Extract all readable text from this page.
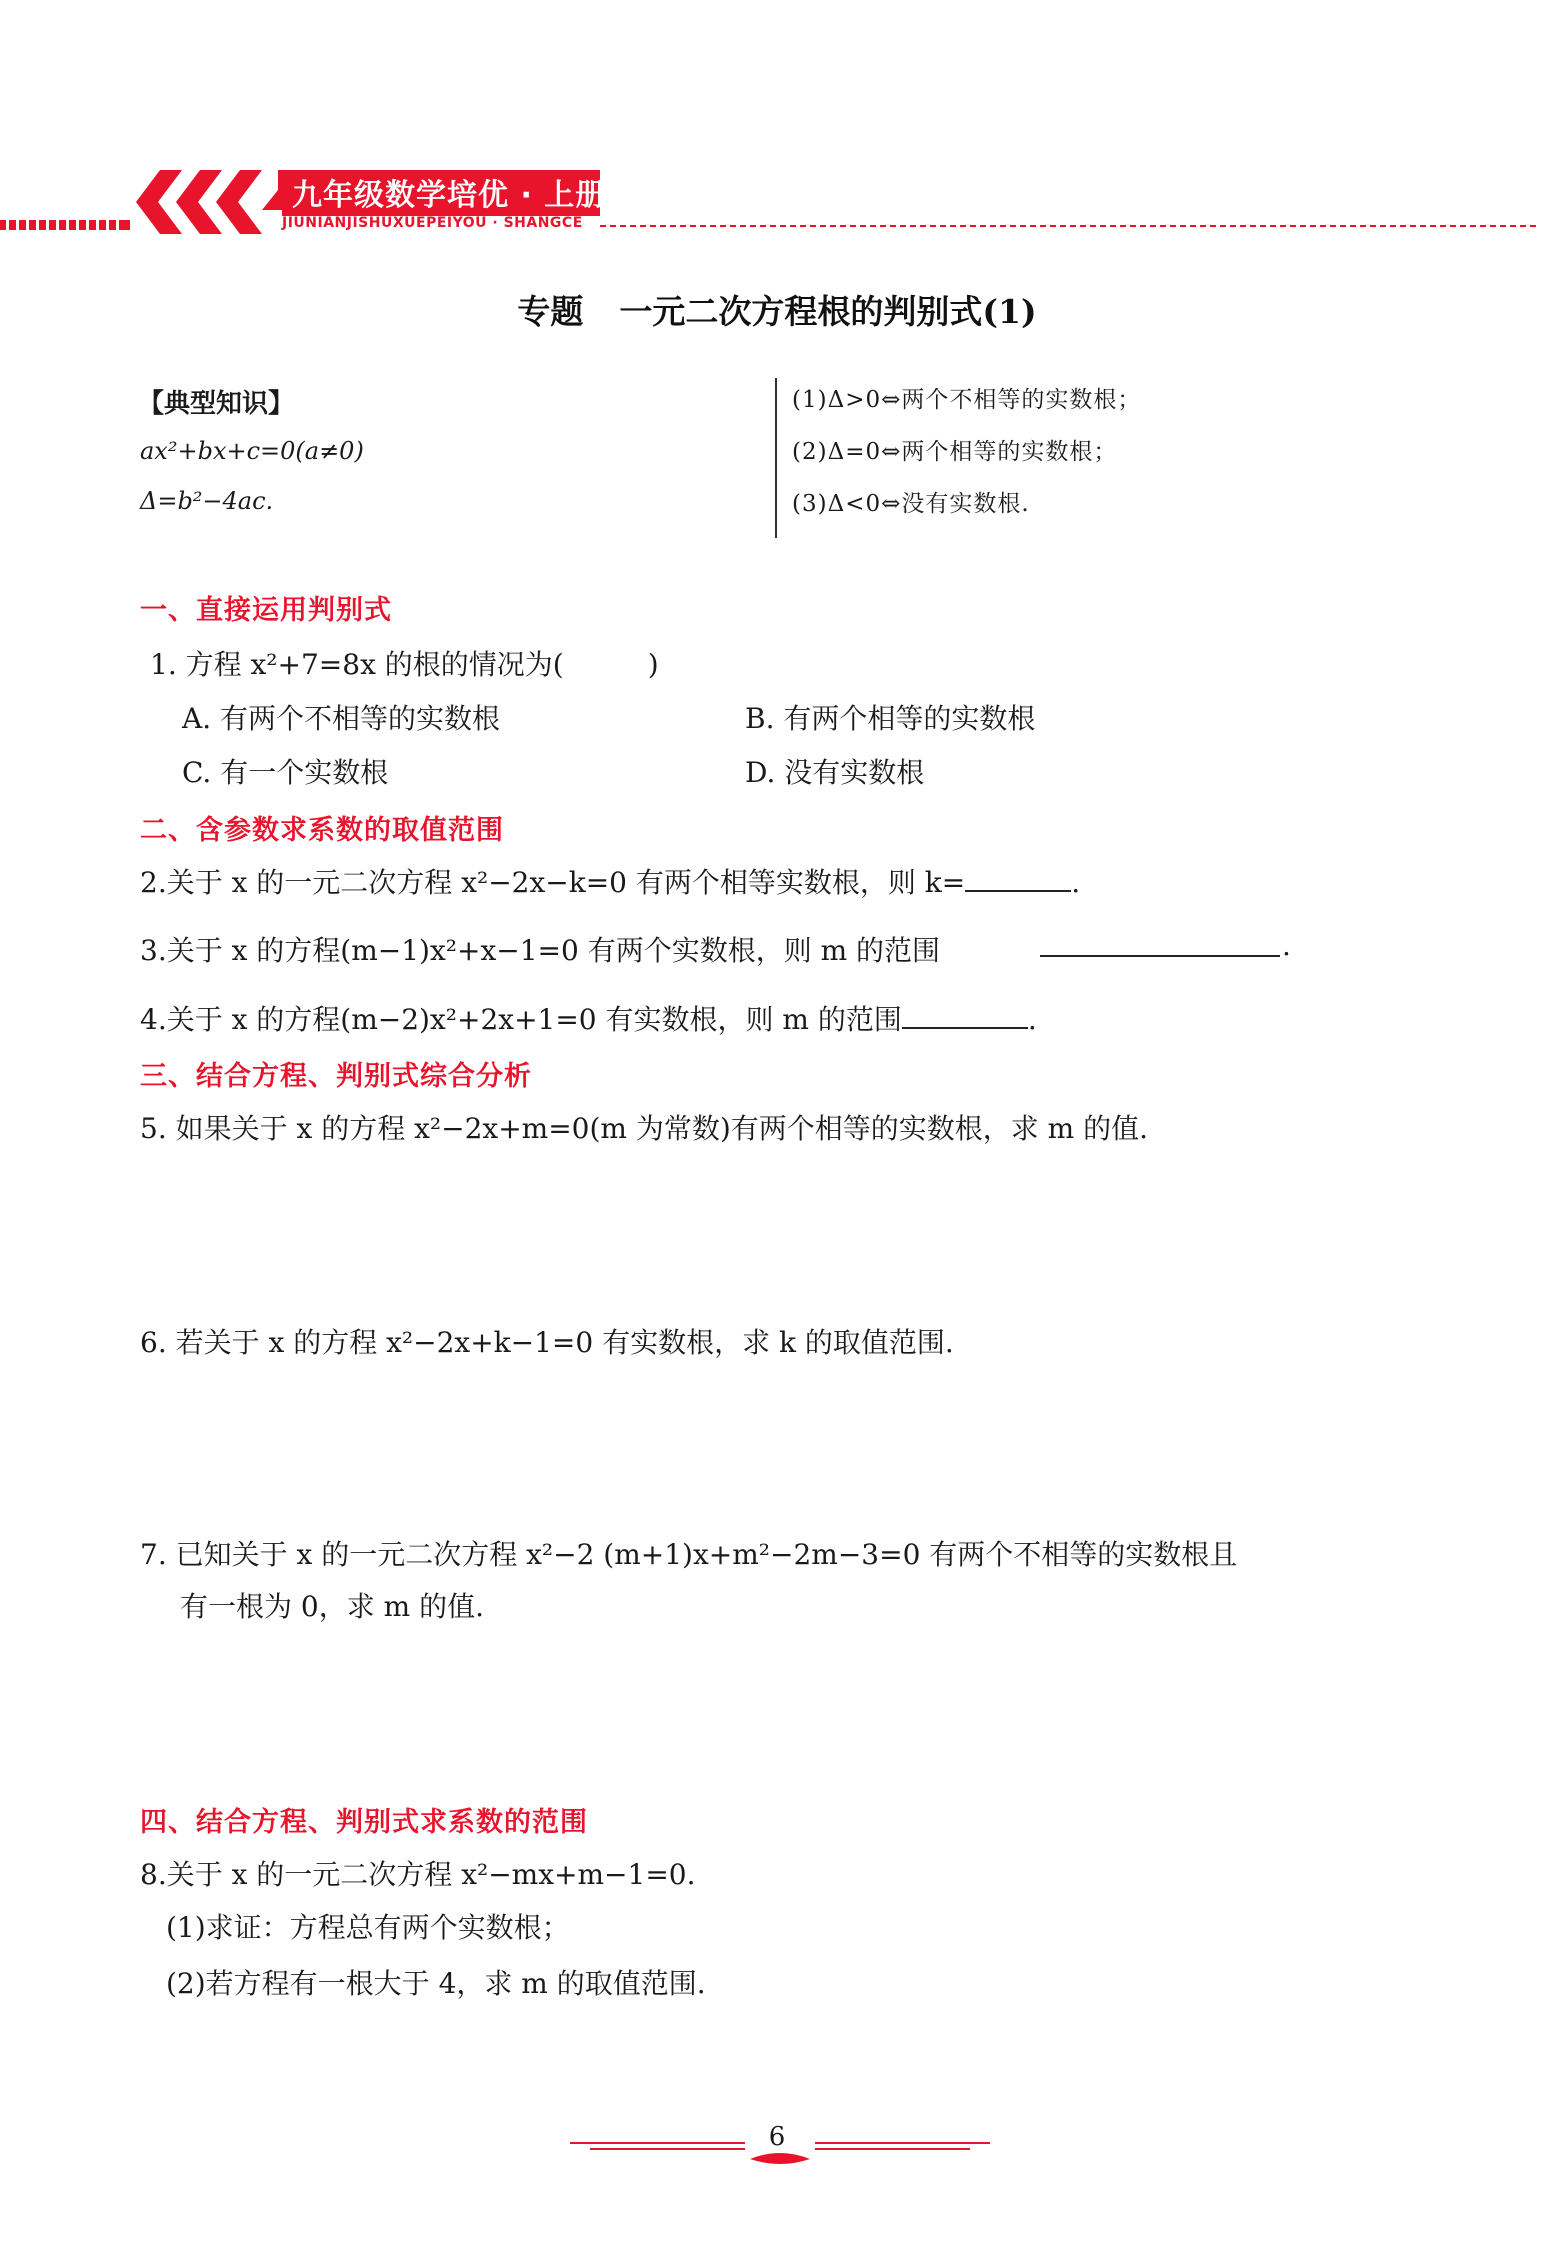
九年级数学培优 · 上册
JIUNIANJISHUXUEPEIYOU · SHANGCE
专题 一元二次方程根的判别式(1)
【典型知识】
ax²+bx+c=0(a≠0)
Δ=b²−4ac.
(1)Δ>0⇔两个不相等的实数根；
(2)Δ=0⇔两个相等的实数根；
(3)Δ<0⇔没有实数根.
一、直接运用判别式
1. 方程 x²+7=8x 的根的情况为(　　　)
A. 有两个不相等的实数根	B. 有两个相等的实数根
C. 有一个实数根	D. 没有实数根
二、含参数求系数的取值范围
2.关于 x 的一元二次方程 x²−2x−k=0 有两个相等实数根，则 k=	.
3.关于 x 的方程(m−1)x²+x−1=0 有两个实数根，则 m 的范围	.
4.关于 x 的方程(m−2)x²+2x+1=0 有实数根，则 m 的范围	.
三、结合方程、判别式综合分析
5. 如果关于 x 的方程 x²−2x+m=0(m 为常数)有两个相等的实数根，求 m 的值.
6. 若关于 x 的方程 x²−2x+k−1=0 有实数根，求 k 的取值范围.
7. 已知关于 x 的一元二次方程 x²−2 (m+1)x+m²−2m−3=0 有两个不相等的实数根且
有一根为 0，求 m 的值.
四、结合方程、判别式求系数的范围
8.关于 x 的一元二次方程 x²−mx+m−1=0.
(1)求证：方程总有两个实数根；
(2)若方程有一根大于 4，求 m 的取值范围.
6
